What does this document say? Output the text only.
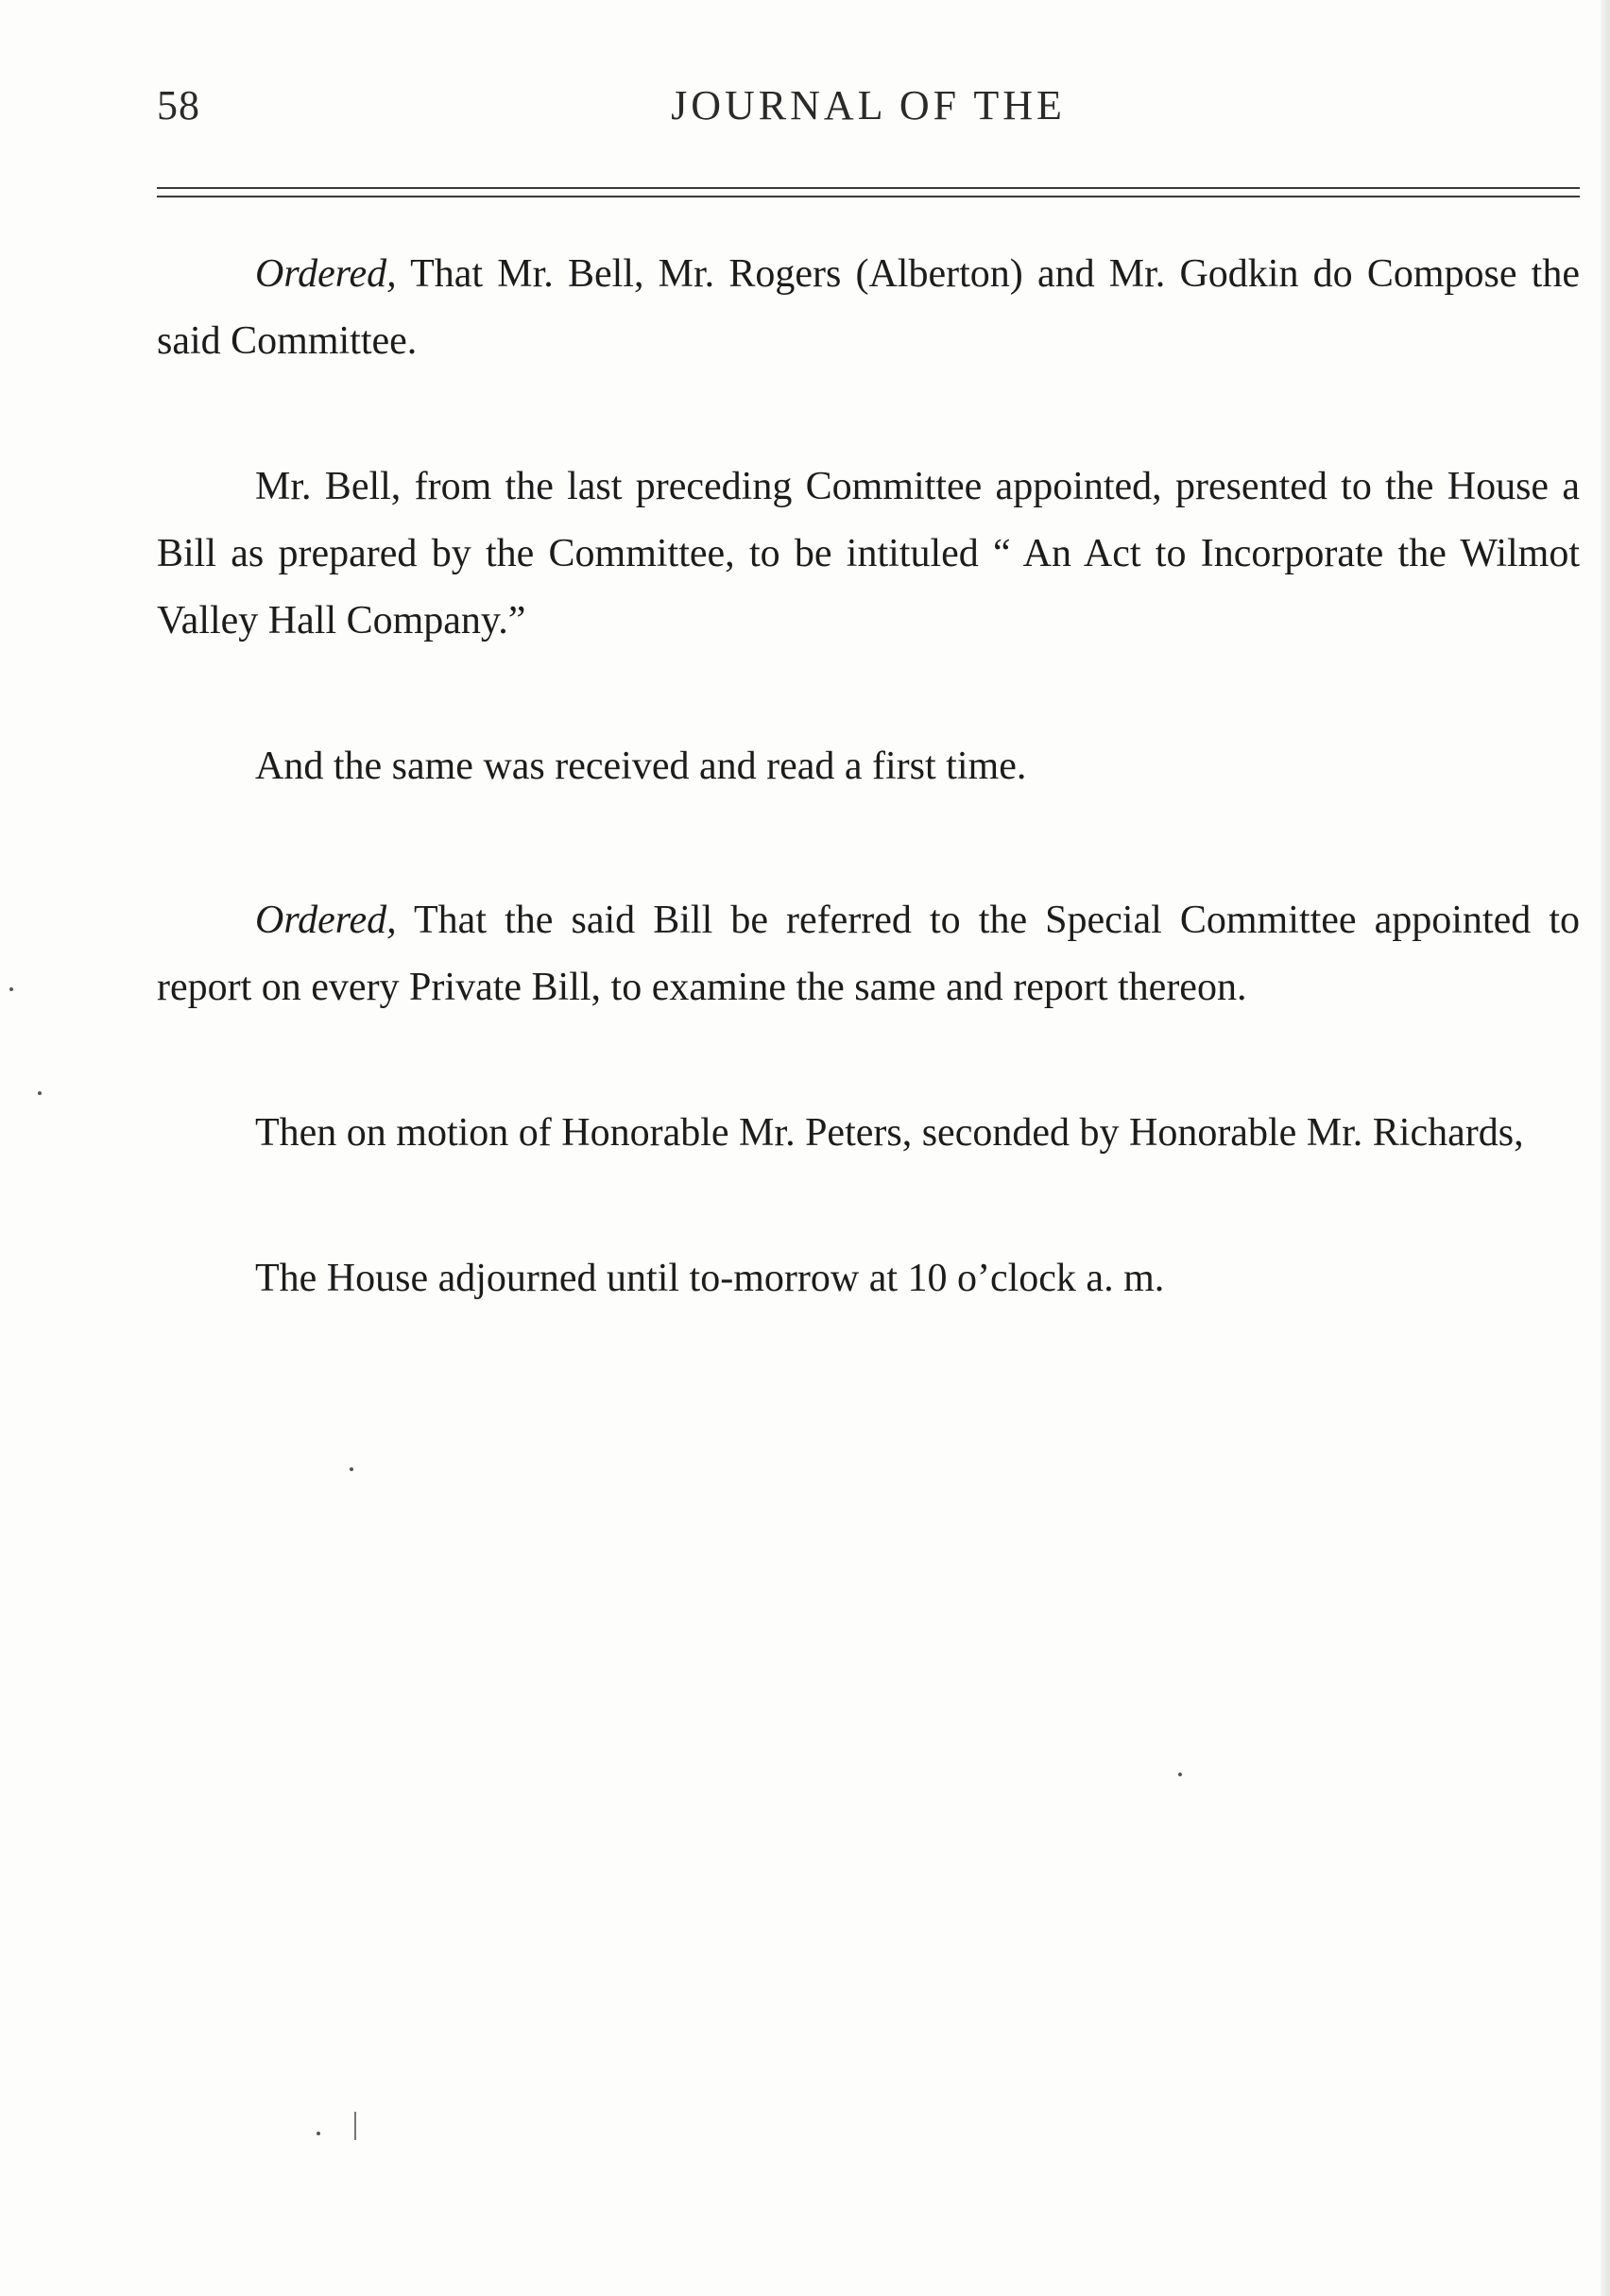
58	JOURNAL OF THE

Ordered, That Mr. Bell, Mr. Rogers (Alberton) and Mr. Godkin do Compose the said Committee.

Mr. Bell, from the last preceding Committee appointed, presented to the House a Bill as prepared by the Committee, to be intituled “ An Act to Incorporate the Wilmot Valley Hall Company.”

And the same was received and read a first time.

Ordered, That the said Bill be referred to the Special Committee appointed to report on every Private Bill, to examine the same and report thereon.

Then on motion of Honorable Mr. Peters, seconded by Honorable Mr. Richards,

The House adjourned until to-morrow at 10 o’clock a. m.
